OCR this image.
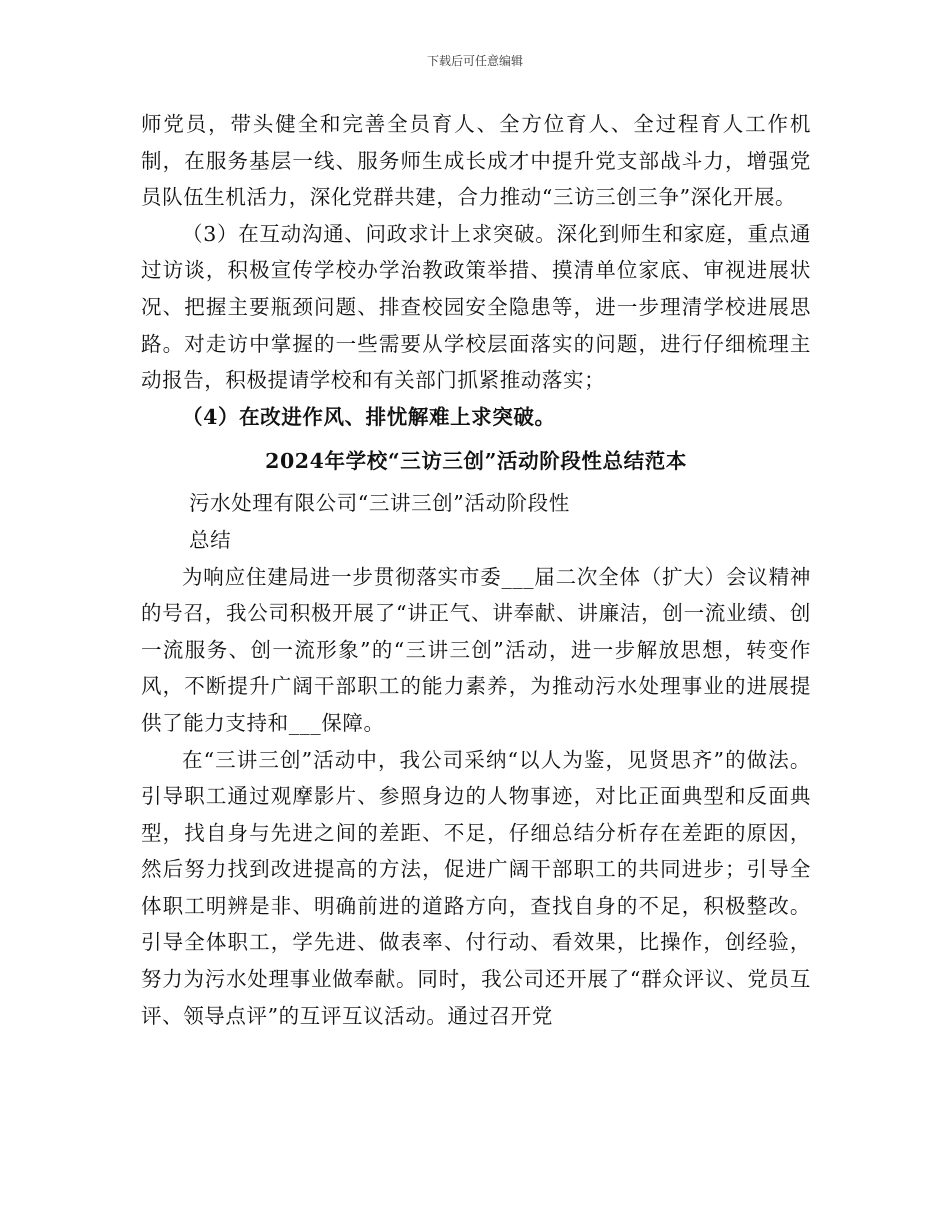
下载后可任意编辑

师党员，带头健全和完善全员育人、全方位育人、全过程育人工作机制，在服务基层一线、服务师生成长成才中提升党支部战斗力，增强党员队伍生机活力，深化党群共建，合力推动“三访三创三争”深化开展。

（3）在互动沟通、问政求计上求突破。深化到师生和家庭，重点通过访谈，积极宣传学校办学治教政策举措、摸清单位家底、审视进展状况、把握主要瓶颈问题、排查校园安全隐患等，进一步理清学校进展思路。对走访中掌握的一些需要从学校层面落实的问题，进行仔细梳理主动报告，积极提请学校和有关部门抓紧推动落实；

（4）在改进作风、排忧解难上求突破。

2024年学校“三访三创”活动阶段性总结范本

污水处理有限公司“三讲三创”活动阶段性

总结

为响应住建局进一步贯彻落实市委___届二次全体（扩大）会议精神的号召，我公司积极开展了“讲正气、讲奉献、讲廉洁，创一流业绩、创一流服务、创一流形象”的“三讲三创”活动，进一步解放思想，转变作风，不断提升广阔干部职工的能力素养，为推动污水处理事业的进展提供了能力支持和___保障。

在“三讲三创”活动中，我公司采纳“以人为鉴，见贤思齐”的做法。引导职工通过观摩影片、参照身边的人物事迹，对比正面典型和反面典型，找自身与先进之间的差距、不足，仔细总结分析存在差距的原因，然后努力找到改进提高的方法，促进广阔干部职工的共同进步；引导全体职工明辨是非、明确前进的道路方向，查找自身的不足，积极整改。引导全体职工，学先进、做表率、付行动、看效果，比操作，创经验，努力为污水处理事业做奉献。同时，我公司还开展了“群众评议、党员互评、领导点评”的互评互议活动。通过召开党
